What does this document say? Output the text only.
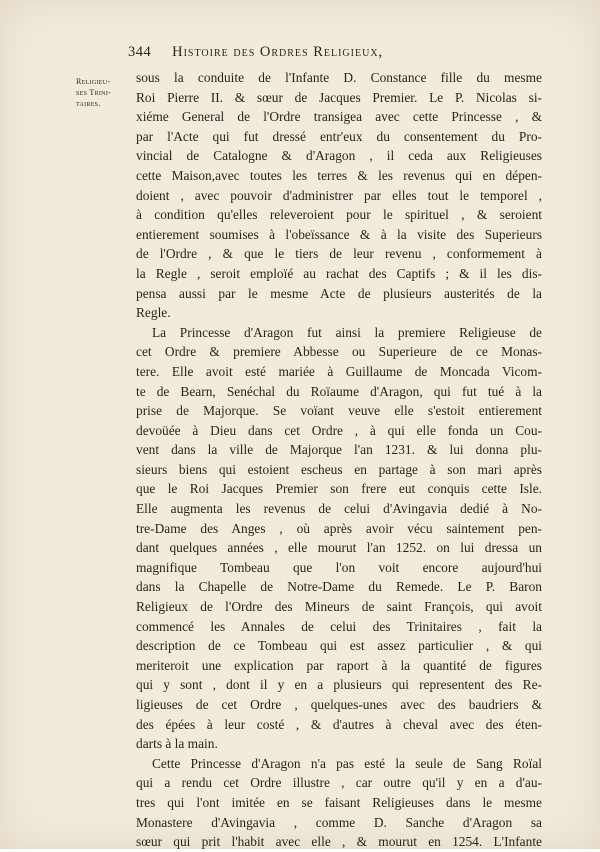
344 Histoire des Ordres Religieux,
Religieu-
ses Trini-
taires.
sous la conduite de l'Infante D. Constance fille du mesme
Roi Pierre II. & sœur de Jacques Premier. Le P. Nicolas si-
xiéme General de l'Ordre transigea avec cette Princesse , &
par l'Acte qui fut dressé entr'eux du consentement du Pro-
vincial de Catalogne & d'Aragon , il ceda aux Religieuses
cette Maison,avec toutes les terres & les revenus qui en dépen-
doient , avec pouvoir d'administrer par elles tout le temporel ,
à condition qu'elles releveroient pour le spirituel , & seroient
entierement soumises à l'obeïssance & à la visite des Superieurs
de l'Ordre , & que le tiers de leur revenu , conformement à
la Regle , seroit emploïé au rachat des Captifs ; & il les dis-
pensa aussi par le mesme Acte de plusieurs austerités de la
Regle.
La Princesse d'Aragon fut ainsi la premiere Religieuse de
cet Ordre & premiere Abbesse ou Superieure de ce Monas-
tere. Elle avoit esté mariée à Guillaume de Moncada Vicom-
te de Bearn, Senéchal du Roïaume d'Aragon, qui fut tué à la
prise de Majorque. Se voïant veuve elle s'estoit entierement
devoüée à Dieu dans cet Ordre , à qui elle fonda un Cou-
vent dans la ville de Majorque l'an 1231. & lui donna plu-
sieurs biens qui estoient escheus en partage à son mari après
que le Roi Jacques Premier son frere eut conquis cette Isle.
Elle augmenta les revenus de celui d'Avingavia dedié à No-
tre-Dame des Anges , où après avoir vécu saintement pen-
dant quelques années , elle mourut l'an 1252. on lui dressa un
magnifique Tombeau que l'on voit encore aujourd'hui
dans la Chapelle de Notre-Dame du Remede. Le P. Baron
Religieux de l'Ordre des Mineurs de saint François, qui avoit
commencé les Annales de celui des Trinitaires , fait la
description de ce Tombeau qui est assez particulier , & qui
meriteroit une explication par raport à la quantité de figures
qui y sont , dont il y en a plusieurs qui representent des Re-
ligieuses de cet Ordre , quelques-unes avec des baudriers &
des épées à leur costé , & d'autres à cheval avec des éten-
darts à la main.
Cette Princesse d'Aragon n'a pas esté la seule de Sang Roïal
qui a rendu cet Ordre illustre , car outre qu'il y en a d'au-
tres qui l'ont imitée en se faisant Religieuses dans le mesme
Monastere d'Avingavia , comme D. Sanche d'Aragon sa
sœur qui prit l'habit avec elle , & mourut en 1254. L'Infante
